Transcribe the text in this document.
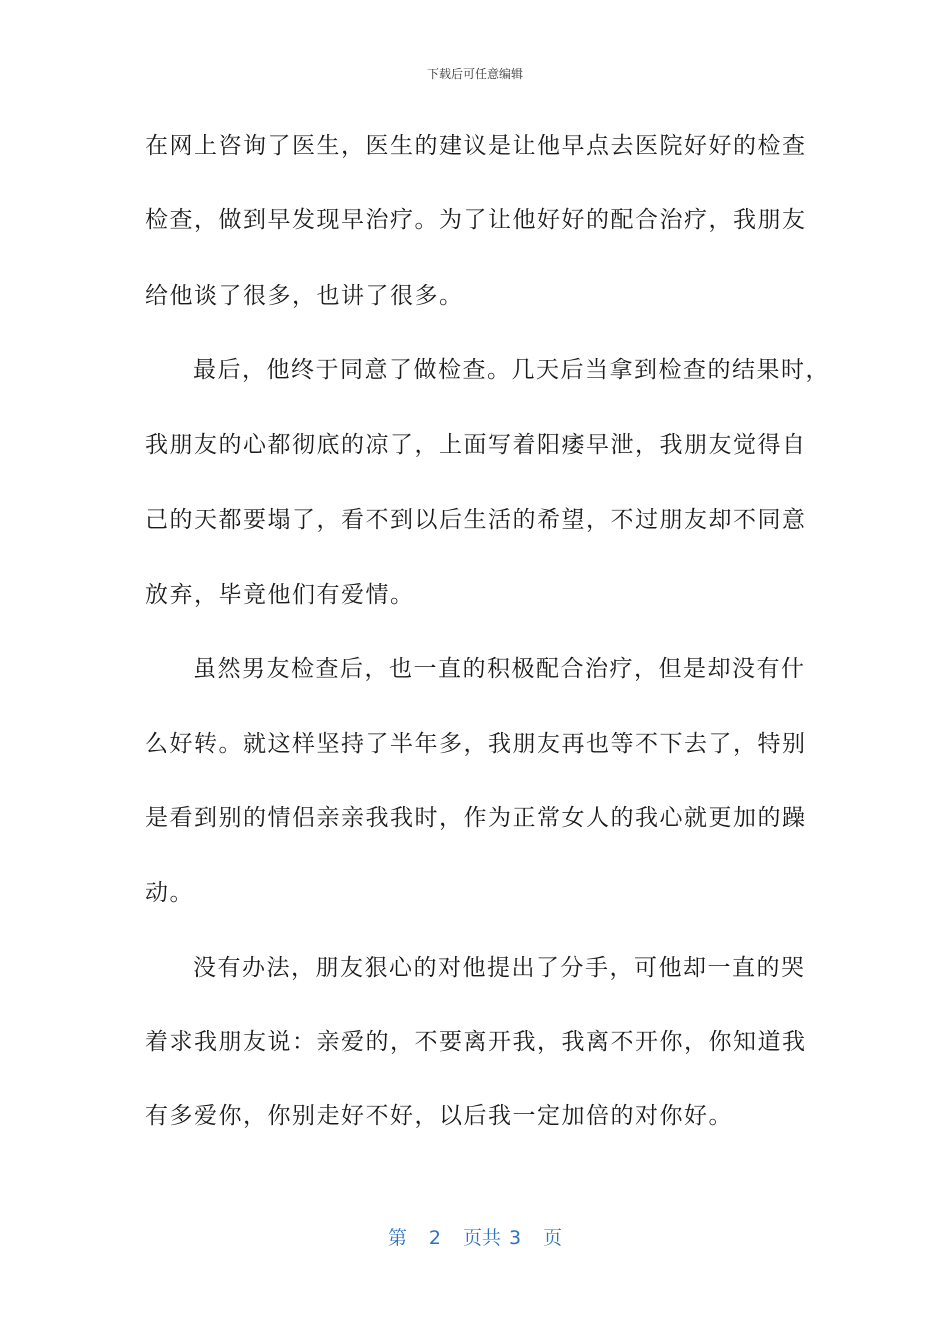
下载后可任意编辑
在网上咨询了医生，医生的建议是让他早点去医院好好的检查
检查，做到早发现早治疗。为了让他好好的配合治疗，我朋友
给他谈了很多，也讲了很多。
最后，他终于同意了做检查。几天后当拿到检查的结果时，
我朋友的心都彻底的凉了，上面写着阳痿早泄，我朋友觉得自
己的天都要塌了，看不到以后生活的希望，不过朋友却不同意
放弃，毕竟他们有爱情。
虽然男友检查后，也一直的积极配合治疗，但是却没有什
么好转。就这样坚持了半年多，我朋友再也等不下去了，特别
是看到别的情侣亲亲我我时，作为正常女人的我心就更加的躁
动。
没有办法，朋友狠心的对他提出了分手，可他却一直的哭
着求我朋友说：亲爱的，不要离开我，我离不开你，你知道我
有多爱你，你别走好不好，以后我一定加倍的对你好。
第 2 页共 3 页
